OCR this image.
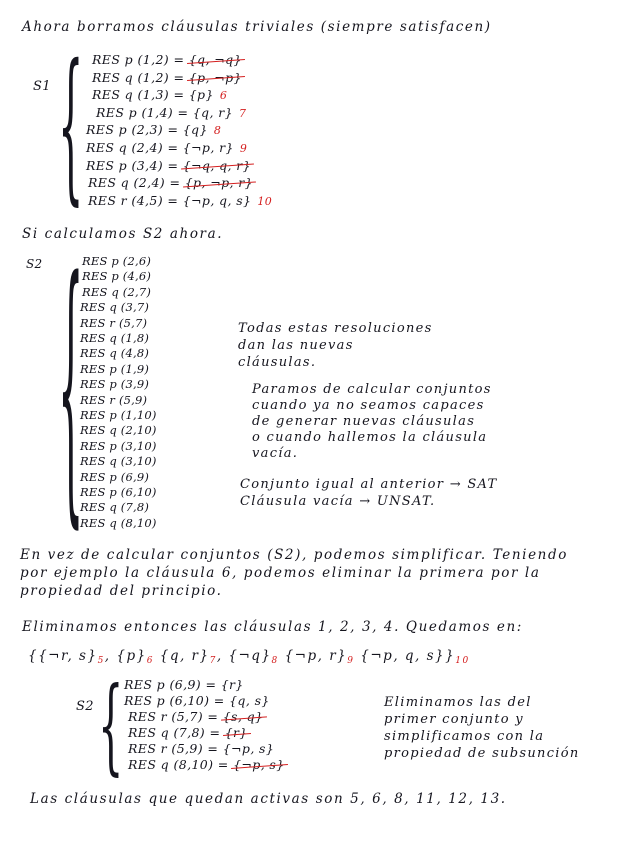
Ahora borramos cláusulas triviales (siempre satisfacen)
S1 { RES p (1,2) = {q, ¬q}
RES q (1,2) = {p, ¬p}
RES q (1,3) = {p} 6
RES p (1,4) = {q, r} 7
RES p (2,3) = {q} 8
RES q (2,4) = {¬p, r} 9
RES p (3,4) = {¬q, q, r}
RES q (2,4) = {p, ¬p, r}
RES r (4,5) = {¬p, q, s} 10
Si calculamos S2 ahora.
S2 {
RES p (2,6)
RES p (4,6)
RES q (2,7)
RES q (3,7)
RES r (5,7)
RES q (1,8)
RES q (4,8)
RES p (1,9)
RES p (3,9)
RES r (5,9)
RES p (1,10)
RES q (2,10)
RES p (3,10)
RES q (3,10)
RES p (6,9)
RES p (6,10)
RES q (7,8)
RES q (8,10)
Todas estas resoluciones
dan las nuevas
cláusulas.
Paramos de calcular conjuntos
cuando ya no seamos capaces
de generar nuevas cláusulas
o cuando hallemos la cláusula
vacía.
Conjunto igual al anterior → SAT
Cláusula vacía → UNSAT.
En vez de calcular conjuntos (S2), podemos simplificar. Teniendo
por ejemplo la cláusula 6, podemos eliminar la primera por la
propiedad del principio.
Eliminamos entonces las cláusulas 1, 2, 3, 4. Quedamos en:
{{¬r, $s\}_5$, $\{p\}_6$ {q, $r\}_7$, $\{\neg q\}_8$ {¬p, $r\}_9$ {¬p, q, $s\}\}_{10}$
S2 { RES p (6,9) = {r}
RES p (6,10) = {q, s}
RES r (5,7) = {s, q}
RES q (7,8) = {r}
RES r (5,9) = {¬p, s}
RES q (8,10) = {¬p, s}
Eliminamos las del
primer conjunto y
simplificamos con la
propiedad de subsunción
Las cláusulas que quedan activas son 5, 6, 8, 11, 12, 13.
